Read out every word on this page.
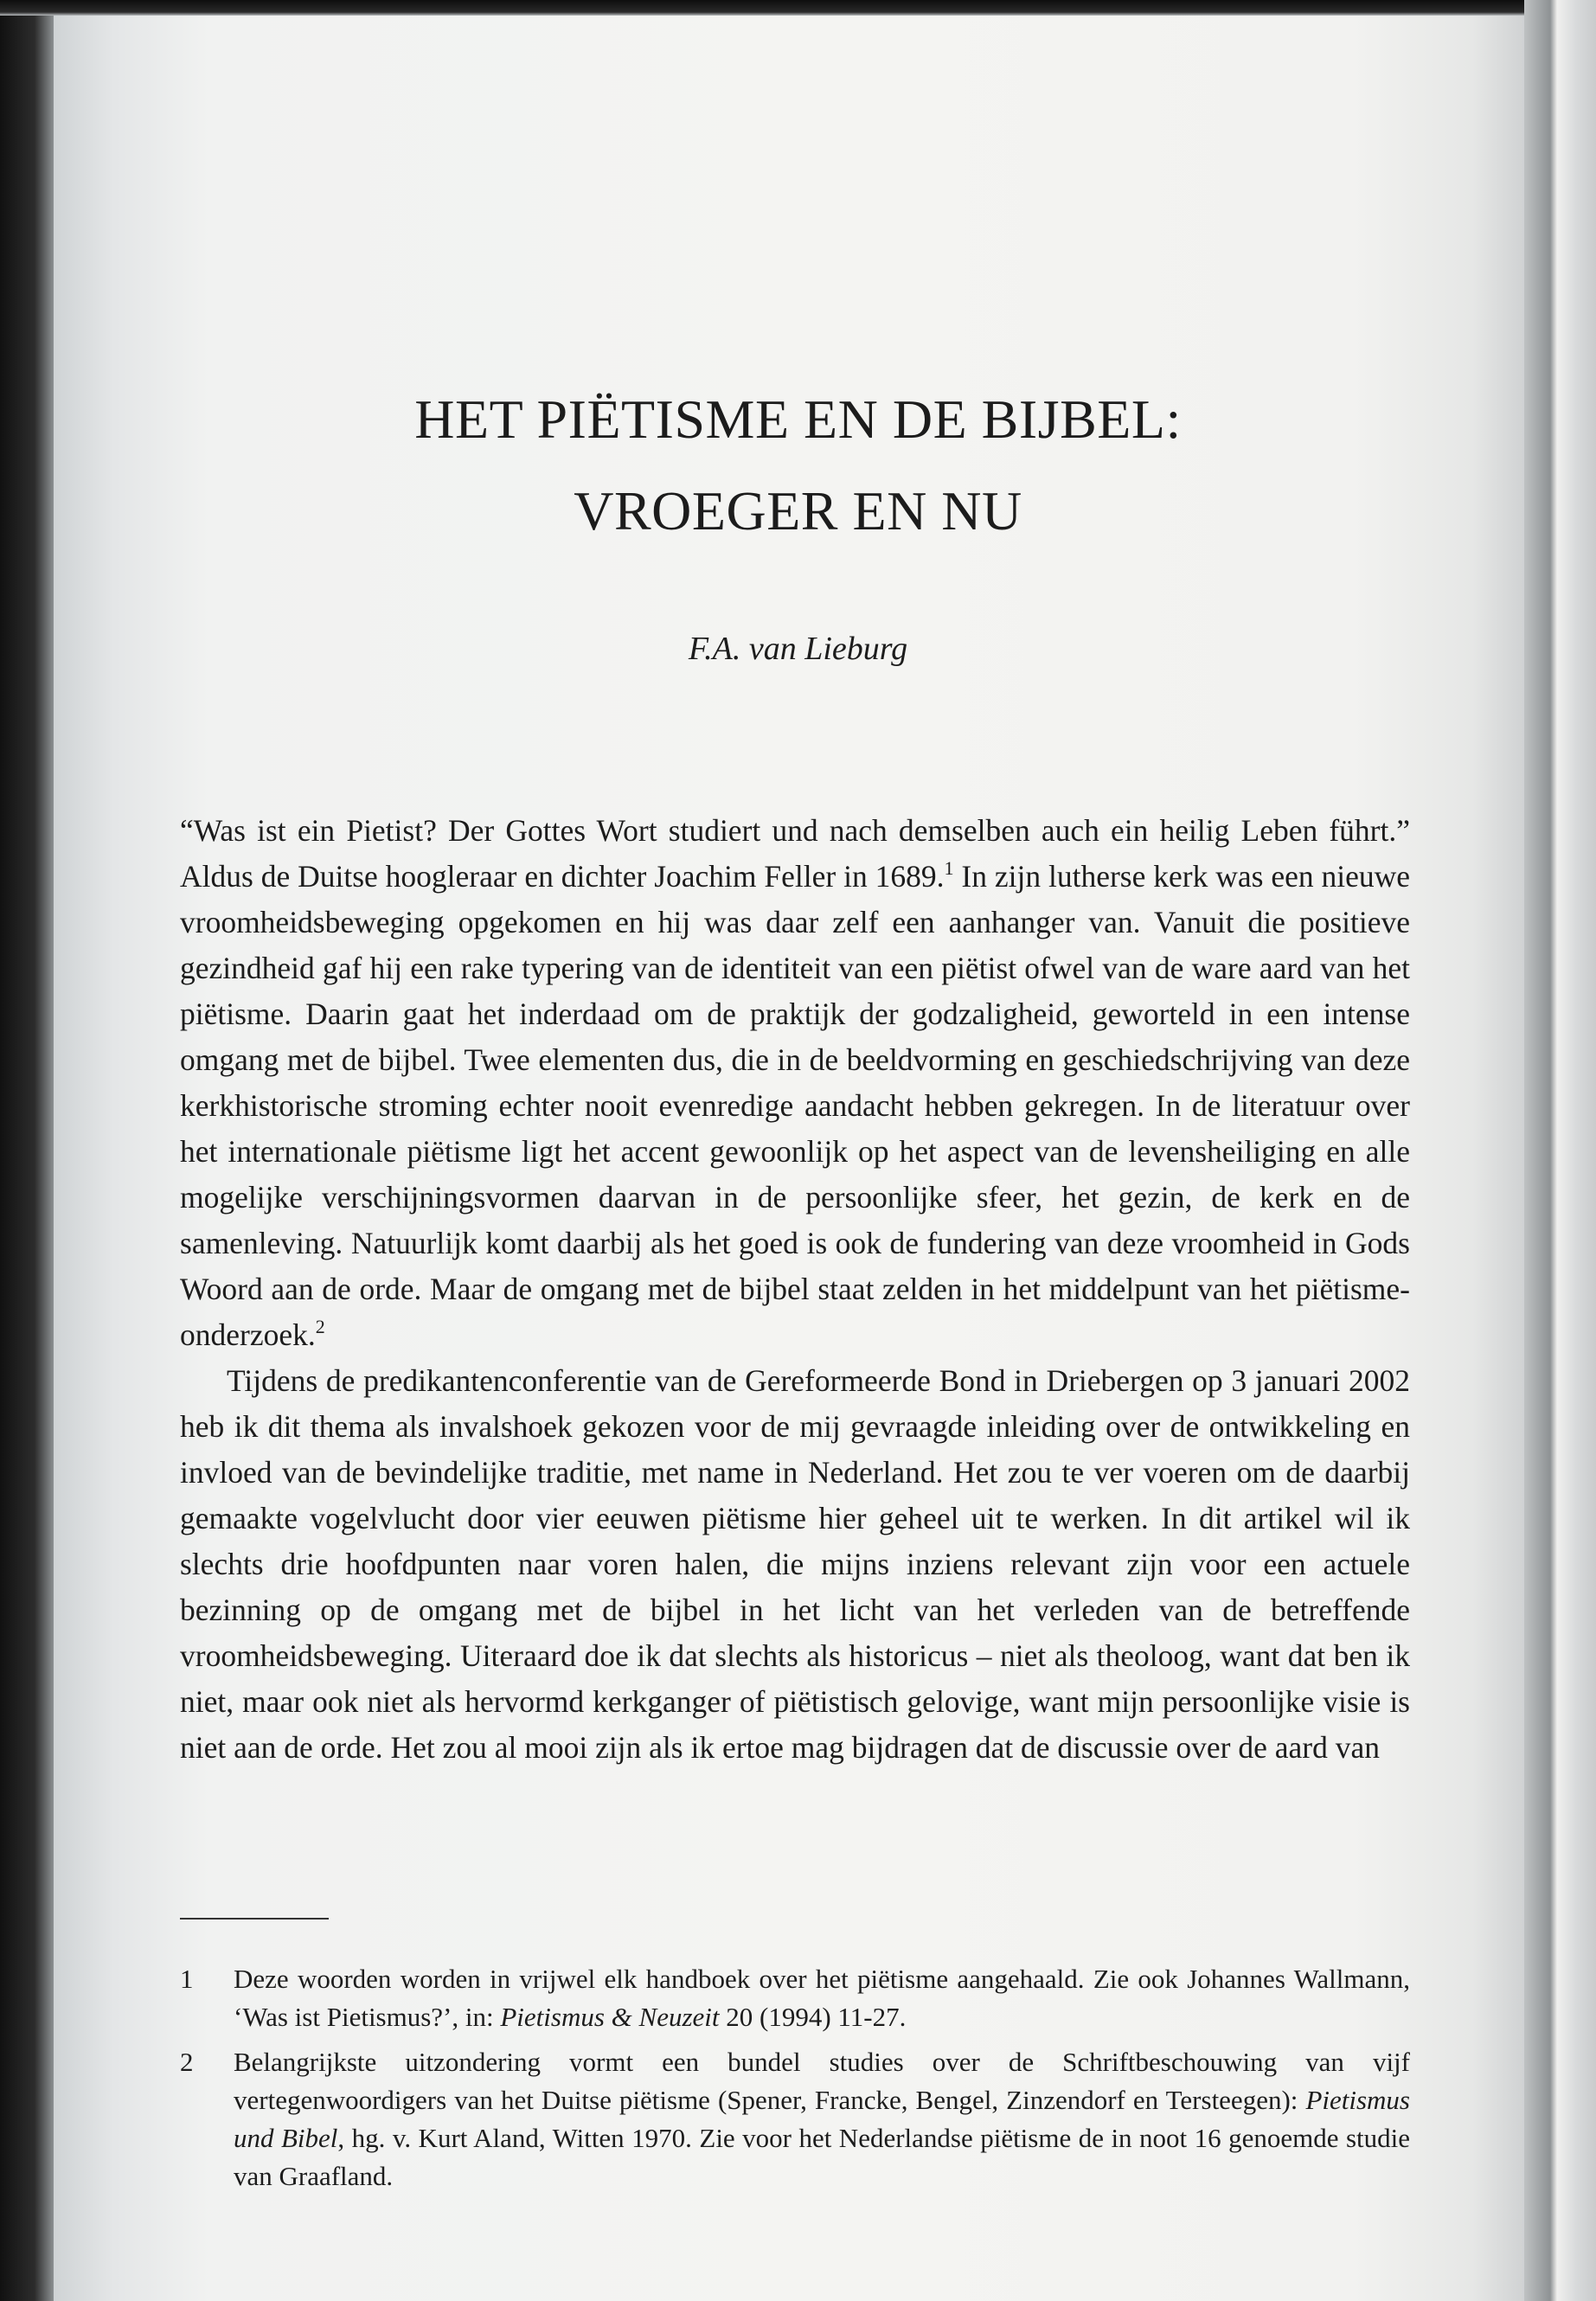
HET PIËTISME EN DE BIJBEL:
VROEGER EN NU

F.A. van Lieburg

“Was ist ein Pietist? Der Gottes Wort studiert und nach demselben auch ein heilig Leben führt.” Aldus de Duitse hoogleraar en dichter Joachim Feller in 1689.$^1$ In zijn lutherse kerk was een nieuwe vroomheidsbeweging opgekomen en hij was daar zelf een aanhanger van. Vanuit die positieve gezindheid gaf hij een rake typering van de identiteit van een piëtist ofwel van de ware aard van het piëtisme. Daarin gaat het inderdaad om de praktijk der godzaligheid, geworteld in een intense omgang met de bijbel. Twee elementen dus, die in de beeldvorming en geschiedschrijving van deze kerkhistorische stroming echter nooit evenredige aandacht hebben gekregen. In de literatuur over het internationale piëtisme ligt het accent gewoonlijk op het aspect van de levensheiliging en alle mogelijke verschijningsvormen daarvan in de persoonlijke sfeer, het gezin, de kerk en de samenleving. Natuurlijk komt daarbij als het goed is ook de fundering van deze vroomheid in Gods Woord aan de orde. Maar de omgang met de bijbel staat zelden in het middelpunt van het piëtisme-onderzoek.$^2$

Tijdens de predikantenconferentie van de Gereformeerde Bond in Driebergen op 3 januari 2002 heb ik dit thema als invalshoek gekozen voor de mij gevraagde inleiding over de ontwikkeling en invloed van de bevindelijke traditie, met name in Nederland. Het zou te ver voeren om de daarbij gemaakte vogelvlucht door vier eeuwen piëtisme hier geheel uit te werken. In dit artikel wil ik slechts drie hoofdpunten naar voren halen, die mijns inziens relevant zijn voor een actuele bezinning op de omgang met de bijbel in het licht van het verleden van de betreffende vroomheidsbeweging. Uiteraard doe ik dat slechts als historicus – niet als theoloog, want dat ben ik niet, maar ook niet als hervormd kerkganger of piëtistisch gelovige, want mijn persoonlijke visie is niet aan de orde. Het zou al mooi zijn als ik ertoe mag bijdragen dat de discussie over de aard van

1	Deze woorden worden in vrijwel elk handboek over het piëtisme aangehaald. Zie ook Johannes Wallmann, ‘Was ist Pietismus?’, in: Pietismus & Neuzeit 20 (1994) 11-27.
2	Belangrijkste uitzondering vormt een bundel studies over de Schriftbeschouwing van vijf vertegenwoordigers van het Duitse piëtisme (Spener, Francke, Bengel, Zinzendorf en Tersteegen): Pietismus und Bibel, hg. v. Kurt Aland, Witten 1970. Zie voor het Nederlandse piëtisme de in noot 16 genoemde studie van Graafland.
